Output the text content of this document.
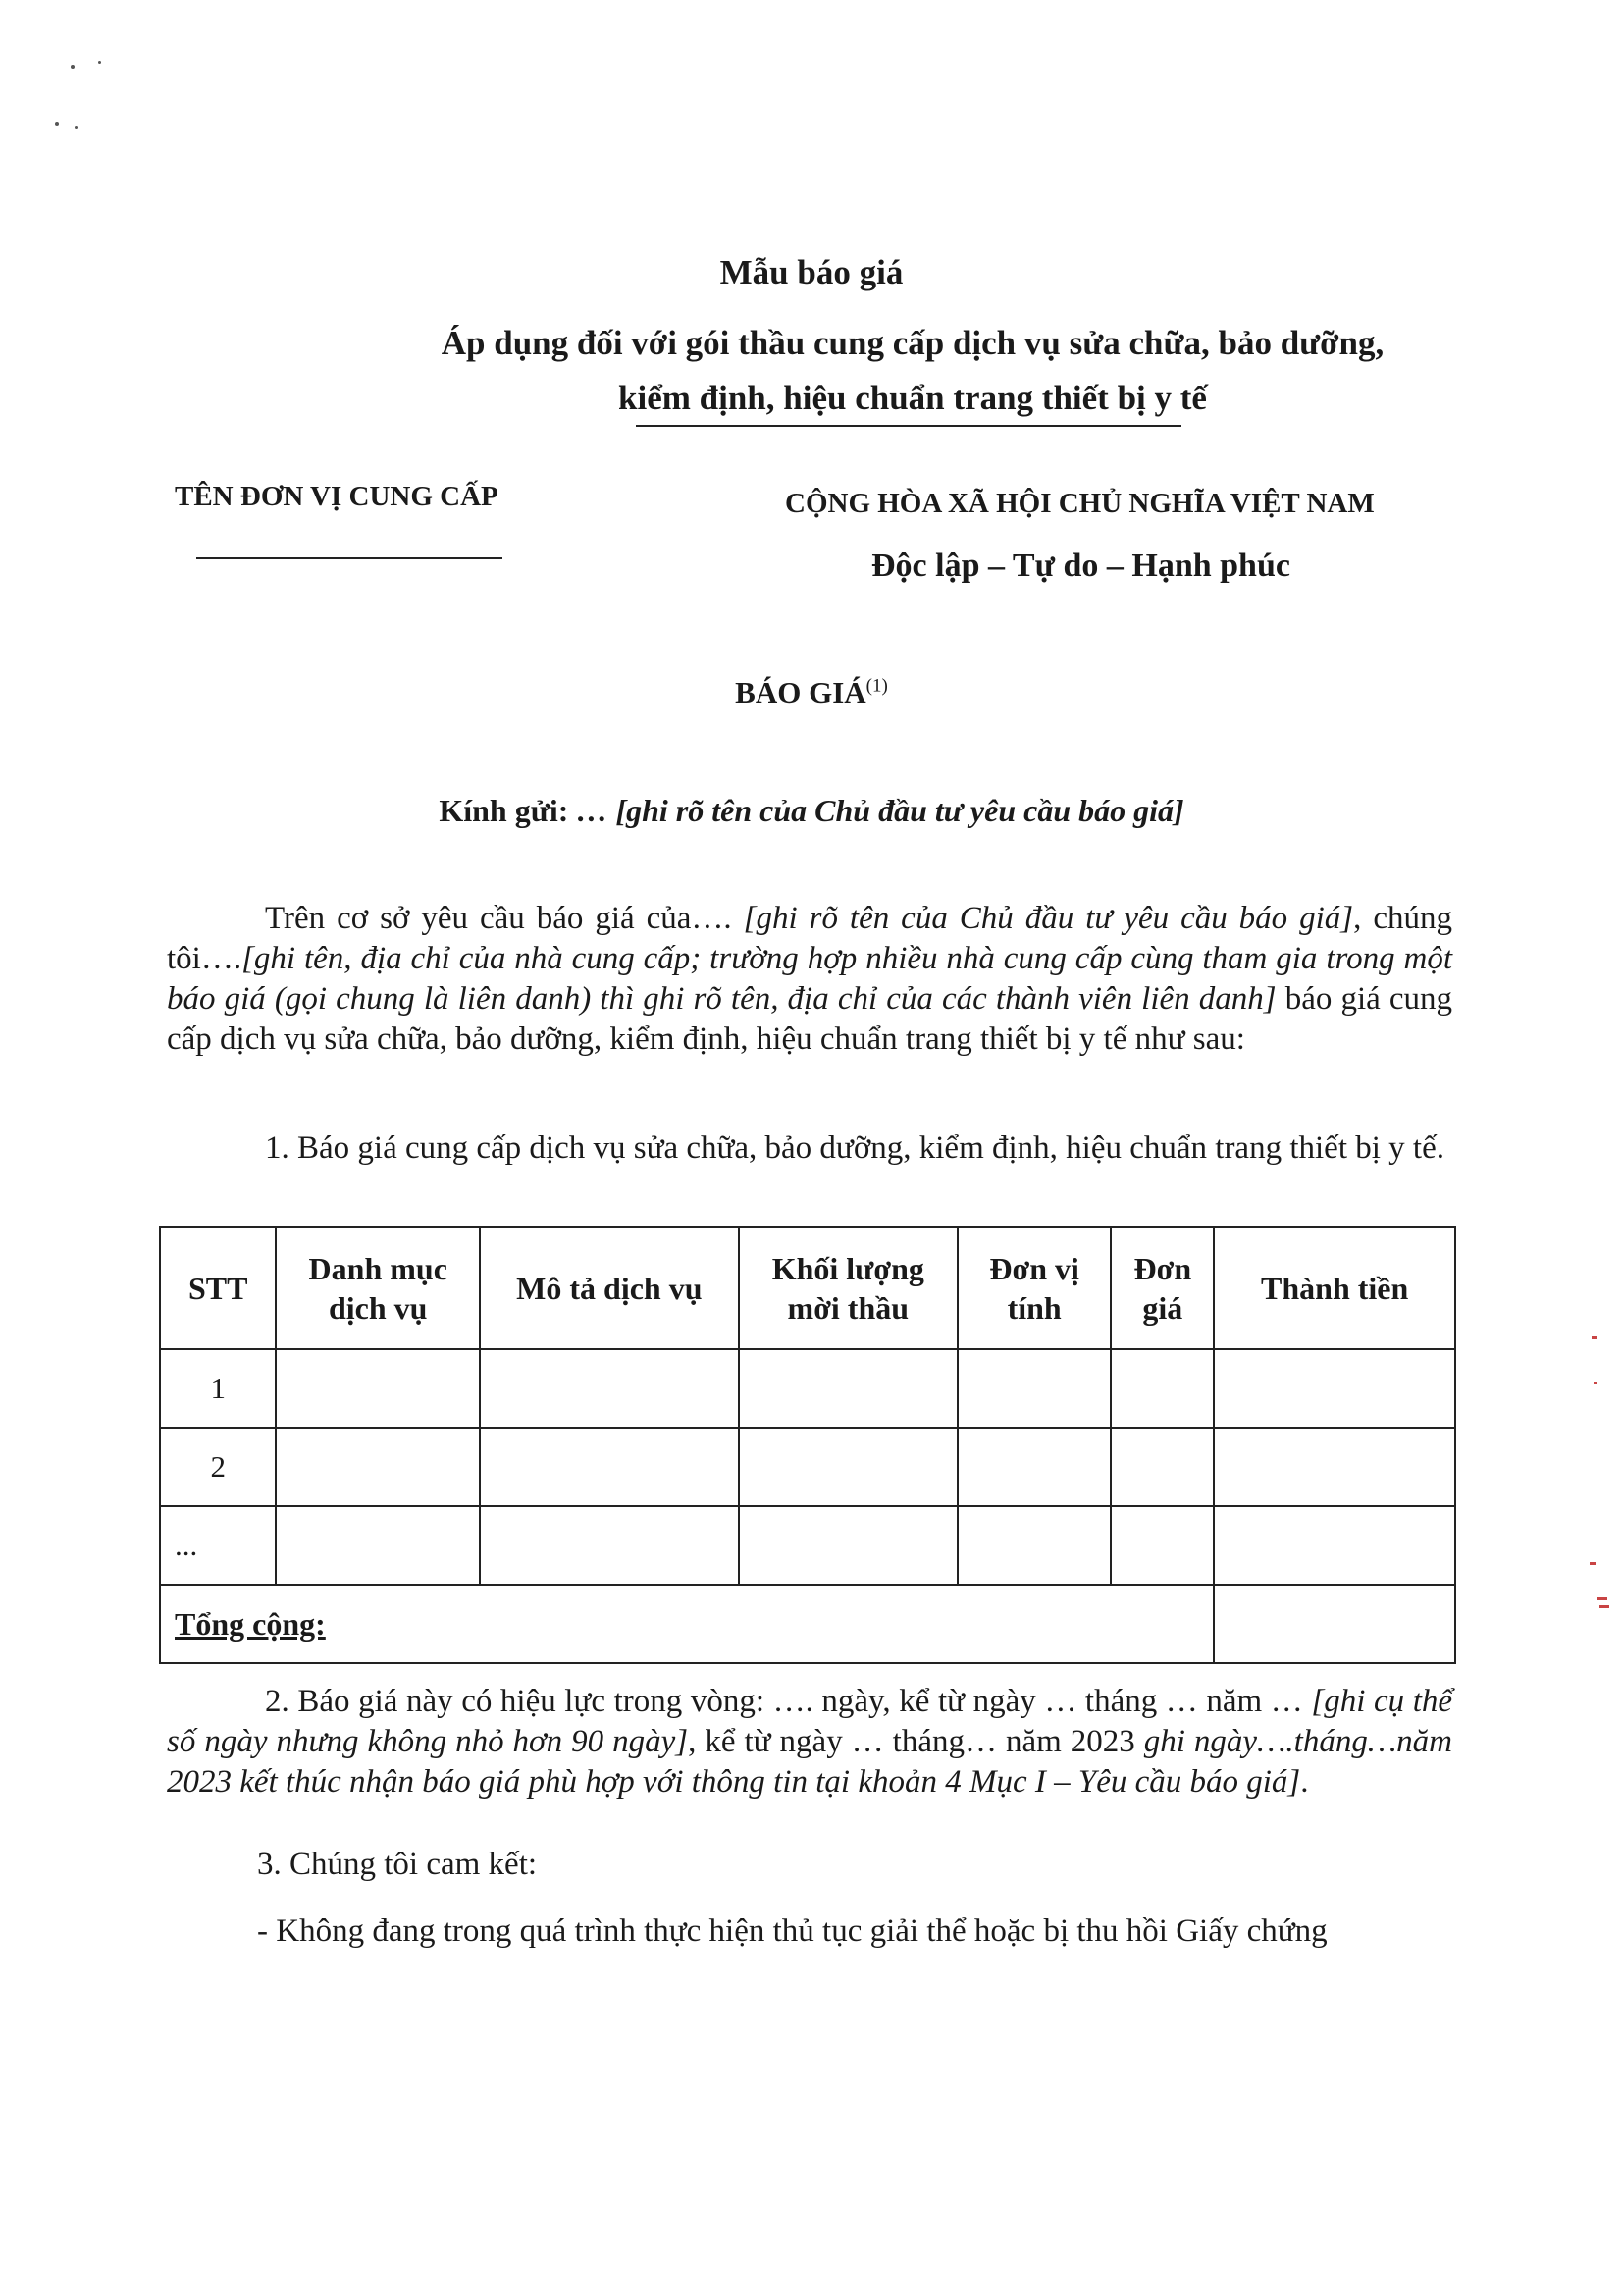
Mẫu báo giá
Áp dụng đối với gói thầu cung cấp dịch vụ sửa chữa, bảo dưỡng,
kiểm định, hiệu chuẩn trang thiết bị y tế
TÊN ĐƠN VỊ CUNG CẤP	CỘNG HÒA XÃ HỘI CHỦ NGHĨA VIỆT NAM
Độc lập – Tự do – Hạnh phúc
BÁO GIÁ$^{(1)}$
Kính gửi: … [ghi rõ tên của Chủ đầu tư yêu cầu báo giá]
Trên cơ sở yêu cầu báo giá của…. [ghi rõ tên của Chủ đầu tư yêu cầu báo giá], chúng tôi….[ghi tên, địa chỉ của nhà cung cấp; trường hợp nhiều nhà cung cấp cùng tham gia trong một báo giá (gọi chung là liên danh) thì ghi rõ tên, địa chỉ của các thành viên liên danh] báo giá cung cấp dịch vụ sửa chữa, bảo dưỡng, kiểm định, hiệu chuẩn trang thiết bị y tế như sau:
1. Báo giá cung cấp dịch vụ sửa chữa, bảo dưỡng, kiểm định, hiệu chuẩn trang thiết bị y tế.
STT	Danh mục dịch vụ	Mô tả dịch vụ	Khối lượng mời thầu	Đơn vị tính	Đơn giá	Thành tiền
1						
2						
...						
Tổng cộng:						
2. Báo giá này có hiệu lực trong vòng: …. ngày, kể từ ngày … tháng … năm … [ghi cụ thể số ngày nhưng không nhỏ hơn 90 ngày], kể từ ngày … tháng… năm 2023 ghi ngày….tháng…năm 2023 kết thúc nhận báo giá phù hợp với thông tin tại khoản 4 Mục I – Yêu cầu báo giá].
3. Chúng tôi cam kết:
- Không đang trong quá trình thực hiện thủ tục giải thể hoặc bị thu hồi Giấy chứng
